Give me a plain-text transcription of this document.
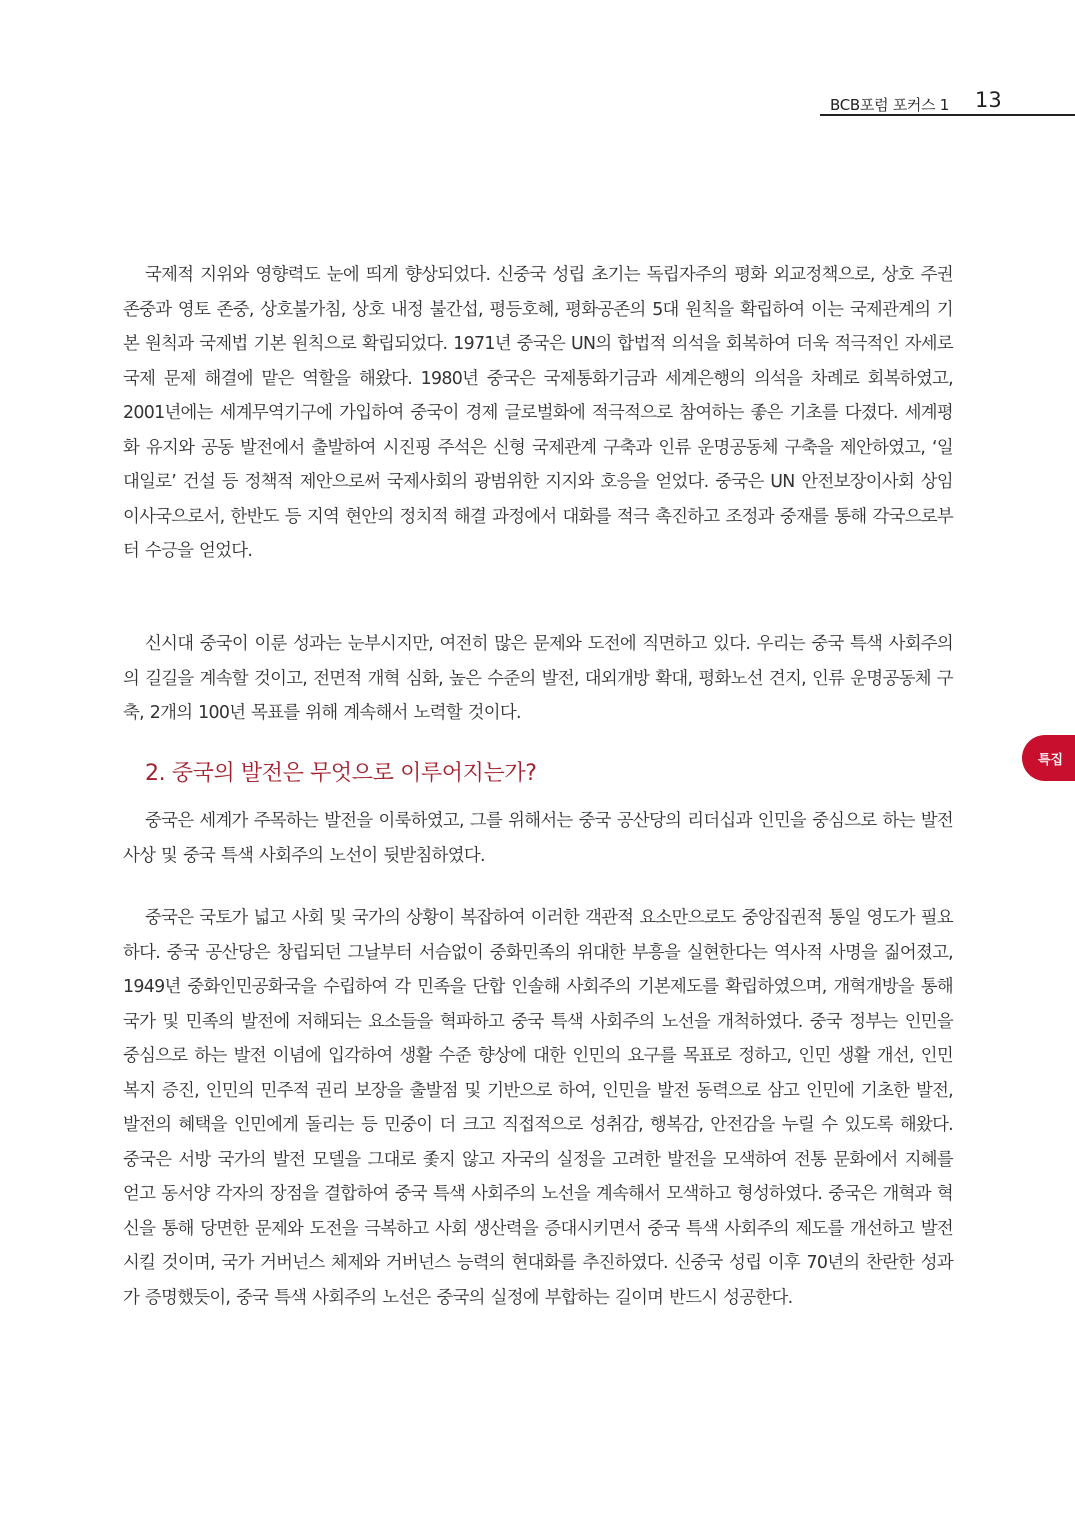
BCB포럼 포커스 1 13
특집

국제적 지위와 영향력도 눈에 띄게 향상되었다. 신중국 성립 초기는 독립자주의 평화 외교정책으로, 상호 주권존중과 영토 존중, 상호불가침, 상호 내정 불간섭, 평등호혜, 평화공존의 5대 원칙을 확립하여 이는 국제관계의 기본 원칙과 국제법 기본 원칙으로 확립되었다. 1971년 중국은 UN의 합법적 의석을 회복하여 더욱 적극적인 자세로 국제 문제 해결에 맡은 역할을 해왔다. 1980년 중국은 국제통화기금과 세계은행의 의석을 차례로 회복하였고, 2001년에는 세계무역기구에 가입하여 중국이 경제 글로벌화에 적극적으로 참여하는 좋은 기초를 다졌다. 세계평화 유지와 공동 발전에서 출발하여 시진핑 주석은 신형 국제관계 구축과 인류 운명공동체 구축을 제안하였고, ‘일대일로’ 건설 등 정책적 제안으로써 국제사회의 광범위한 지지와 호응을 얻었다. 중국은 UN 안전보장이사회 상임이사국으로서, 한반도 등 지역 현안의 정치적 해결 과정에서 대화를 적극 촉진하고 조정과 중재를 통해 각국으로부터 수긍을 얻었다.

신시대 중국이 이룬 성과는 눈부시지만, 여전히 많은 문제와 도전에 직면하고 있다. 우리는 중국 특색 사회주의의 길길을 계속할 것이고, 전면적 개혁 심화, 높은 수준의 발전, 대외개방 확대, 평화노선 견지, 인류 운명공동체 구축, 2개의 100년 목표를 위해 계속해서 노력할 것이다.

2. 중국의 발전은 무엇으로 이루어지는가?

중국은 세계가 주목하는 발전을 이룩하였고, 그를 위해서는 중국 공산당의 리더십과 인민을 중심으로 하는 발전 사상 및 중국 특색 사회주의 노선이 뒷받침하였다.

중국은 국토가 넓고 사회 및 국가의 상황이 복잡하여 이러한 객관적 요소만으로도 중앙집권적 통일 영도가 필요하다. 중국 공산당은 창립되던 그날부터 서슴없이 중화민족의 위대한 부흥을 실현한다는 역사적 사명을 짊어졌고, 1949년 중화인민공화국을 수립하여 각 민족을 단합 인솔해 사회주의 기본제도를 확립하였으며, 개혁개방을 통해 국가 및 민족의 발전에 저해되는 요소들을 혁파하고 중국 특색 사회주의 노선을 개척하였다. 중국 정부는 인민을 중심으로 하는 발전 이념에 입각하여 생활 수준 향상에 대한 인민의 요구를 목표로 정하고, 인민 생활 개선, 인민 복지 증진, 인민의 민주적 권리 보장을 출발점 및 기반으로 하여, 인민을 발전 동력으로 삼고 인민에 기초한 발전, 발전의 혜택을 인민에게 돌리는 등 민중이 더 크고 직접적으로 성취감, 행복감, 안전감을 누릴 수 있도록 해왔다. 중국은 서방 국가의 발전 모델을 그대로 좇지 않고 자국의 실정을 고려한 발전을 모색하여 전통 문화에서 지혜를 얻고 동서양 각자의 장점을 결합하여 중국 특색 사회주의 노선을 계속해서 모색하고 형성하였다. 중국은 개혁과 혁신을 통해 당면한 문제와 도전을 극복하고 사회 생산력을 증대시키면서 중국 특색 사회주의 제도를 개선하고 발전시킬 것이며, 국가 거버넌스 체제와 거버넌스 능력의 현대화를 추진하였다. 신중국 성립 이후 70년의 찬란한 성과가 증명했듯이, 중국 특색 사회주의 노선은 중국의 실정에 부합하는 길이며 반드시 성공한다.
